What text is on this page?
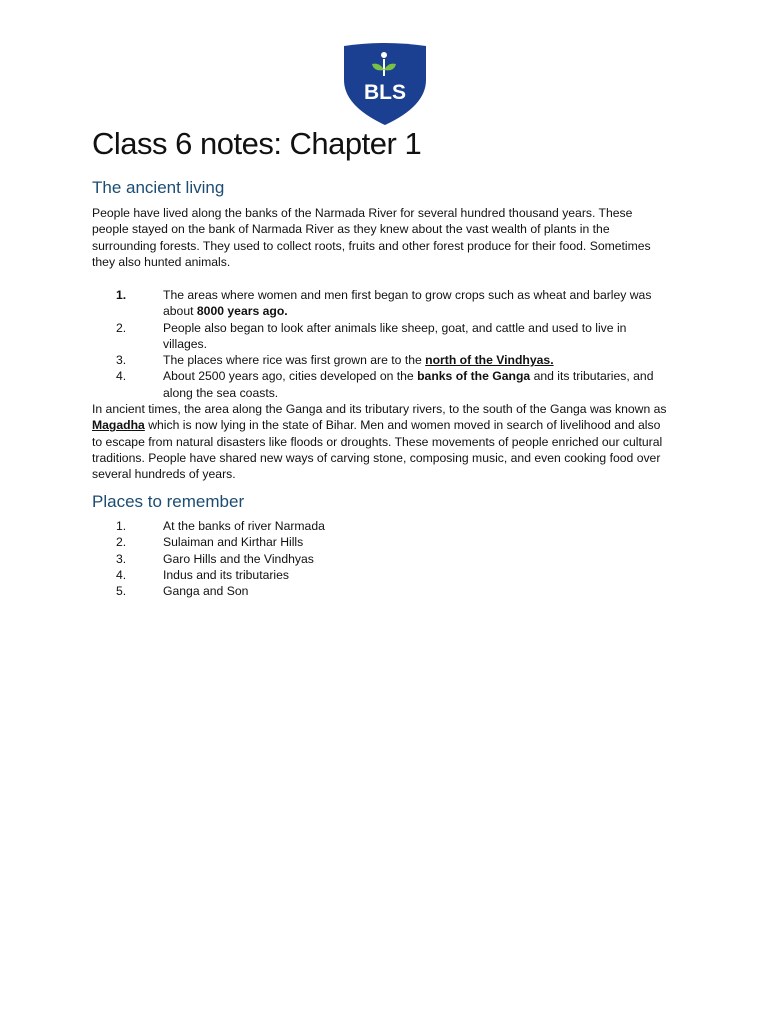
BLS
Class 6 notes: Chapter 1
The ancient living

People have lived along the banks of the Narmada River for several hundred thousand years. These people stayed on the bank of Narmada River as they knew about the vast wealth of plants in the surrounding forests. They used to collect roots, fruits and other forest produce for their food. Sometimes they also hunted animals.

1.	The areas where women and men first began to grow crops such as wheat and barley was about 8000 years ago.
2.	People also began to look after animals like sheep, goat, and cattle and used to live in villages.
3.	The places where rice was first grown are to the north of the Vindhyas.
4.	About 2500 years ago, cities developed on the banks of the Ganga and its tributaries, and along the sea coasts.

In ancient times, the area along the Ganga and its tributary rivers, to the south of the Ganga was known as Magadha which is now lying in the state of Bihar. Men and women moved in search of livelihood and also to escape from natural disasters like floods or droughts. These movements of people enriched our cultural traditions. People have shared new ways of carving stone, composing music, and even cooking food over several hundreds of years.

Places to remember
1.	At the banks of river Narmada
2.	Sulaiman and Kirthar Hills
3.	Garo Hills and the Vindhyas
4.	Indus and its tributaries
5.	Ganga and Son
